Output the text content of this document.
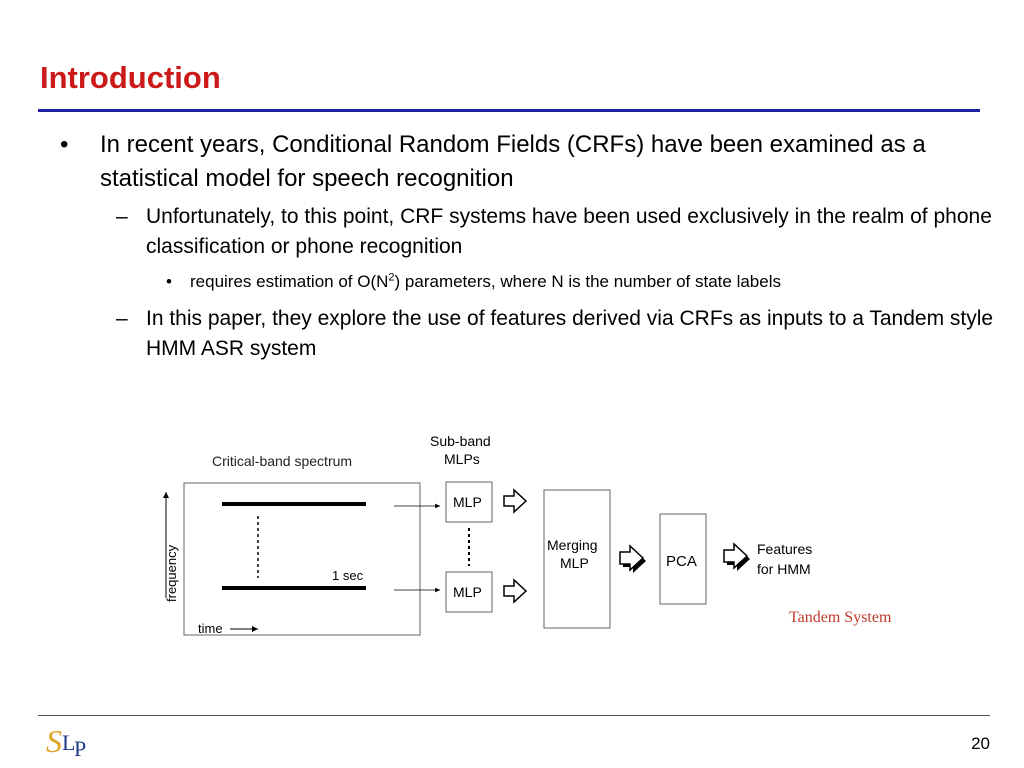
Introduction
• In recent years, Conditional Random Fields (CRFs) have been examined as a statistical model for speech recognition
– Unfortunately, to this point, CRF systems have been used exclusively in the realm of phone classification or phone recognition
• requires estimation of $O(N^2)$ parameters, where N is the number of state labels
– In this paper, they explore the use of features derived via CRFs as inputs to a Tandem style HMM ASR system
Critical-band spectrum
1 sec
frequency
time
Sub-band
MLPs
MLP
MLP
Merging
MLP	PCA
Features
for HMM
Tandem System
S L
P	20
